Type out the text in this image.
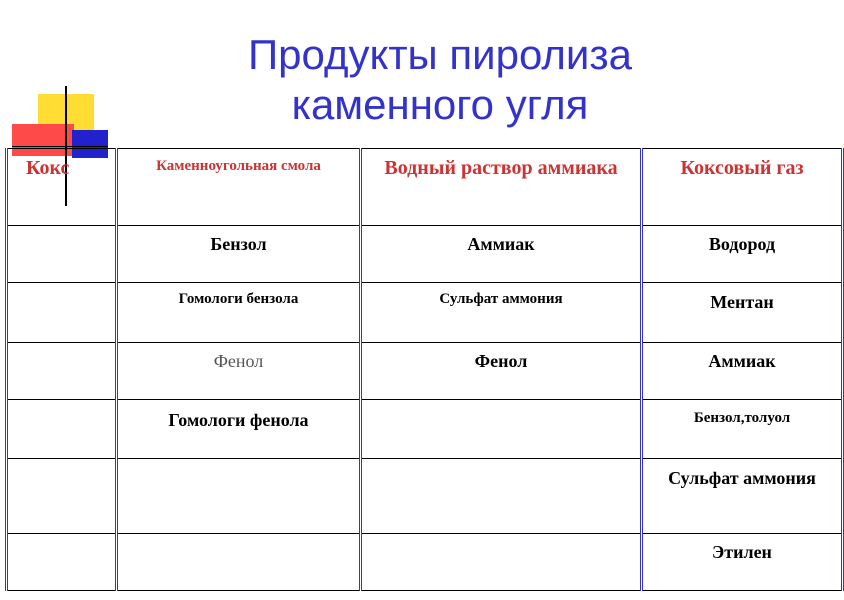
Продукты пиролиза
каменного угля
Кокс	Каменноугольная смола	Водный раствор аммиака	Коксовый газ
	Бензол	Аммиак	Водород
	Гомологи бензола	Сульфат аммония	Ментан
	Фенол	Фенол	Аммиак
	Гомологи фенола		Бензол,толуол
			Сульфат аммония
			Этилен
